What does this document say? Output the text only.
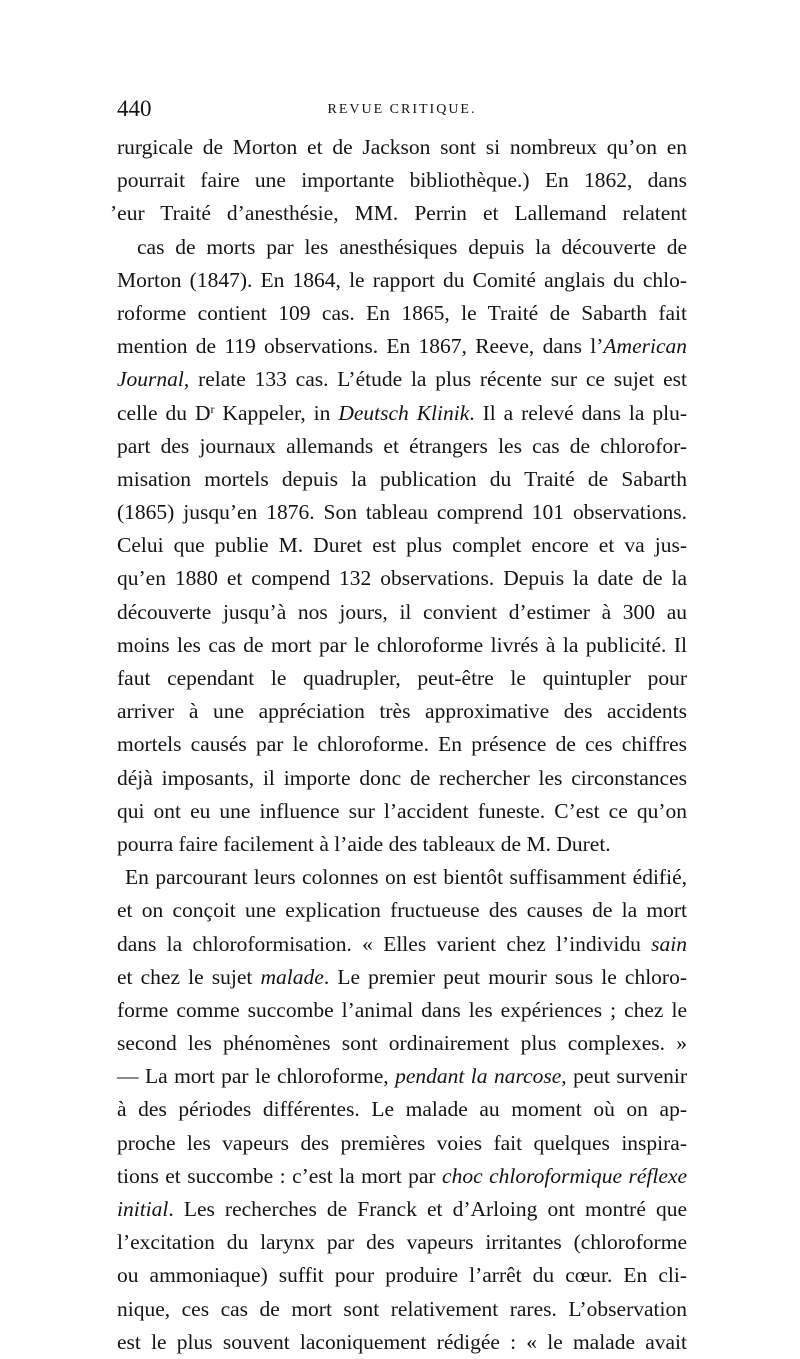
440	REVUE CRITIQUE.
rurgicale de Morton et de Jackson sont si nombreux qu’on en
pourrait faire une importante bibliothèque.) En 1862, dans
’eur Traité d’anesthésie, MM. Perrin et Lallemand relatent
cas de morts par les anesthésiques depuis la découverte de
Morton (1847). En 1864, le rapport du Comité anglais du chlo-
roforme contient 109 cas. En 1865, le Traité de Sabarth fait
mention de 119 observations. En 1867, Reeve, dans l’American
Journal, relate 133 cas. L’étude la plus récente sur ce sujet est
celle du $D^r$ Kappeler, in Deutsch Klinik. Il a relevé dans la plu-
part des journaux allemands et étrangers les cas de chlorofor-
misation mortels depuis la publication du Traité de Sabarth
(1865) jusqu’en 1876. Son tableau comprend 101 observations.
Celui que publie M. Duret est plus complet encore et va jus-
qu’en 1880 et compend 132 observations. Depuis la date de la
découverte jusqu’à nos jours, il convient d’estimer à 300 au
moins les cas de mort par le chloroforme livrés à la publicité. Il
faut cependant le quadrupler, peut-être le quintupler pour
arriver à une appréciation très approximative des accidents
mortels causés par le chloroforme. En présence de ces chiffres
déjà imposants, il importe donc de rechercher les circonstances
qui ont eu une influence sur l’accident funeste. C’est ce qu’on
pourra faire facilement à l’aide des tableaux de M. Duret.
En parcourant leurs colonnes on est bientôt suffisamment édifié,
et on conçoit une explication fructueuse des causes de la mort
dans la chloroformisation. « Elles varient chez l’individu sain
et chez le sujet malade. Le premier peut mourir sous le chloro-
forme comme succombe l’animal dans les expériences ; chez le
second les phénomènes sont ordinairement plus complexes. »
— La mort par le chloroforme, pendant la narcose, peut survenir
à des périodes différentes. Le malade au moment où on ap-
proche les vapeurs des premières voies fait quelques inspira-
tions et succombe : c’est la mort par choc chloroformique réflexe
initial. Les recherches de Franck et d’Arloing ont montré que
l’excitation du larynx par des vapeurs irritantes (chloroforme
ou ammoniaque) suffit pour produire l’arrêt du cœur. En cli-
nique, ces cas de mort sont relativement rares. L’observation
est le plus souvent laconiquement rédigée : « le malade avait
